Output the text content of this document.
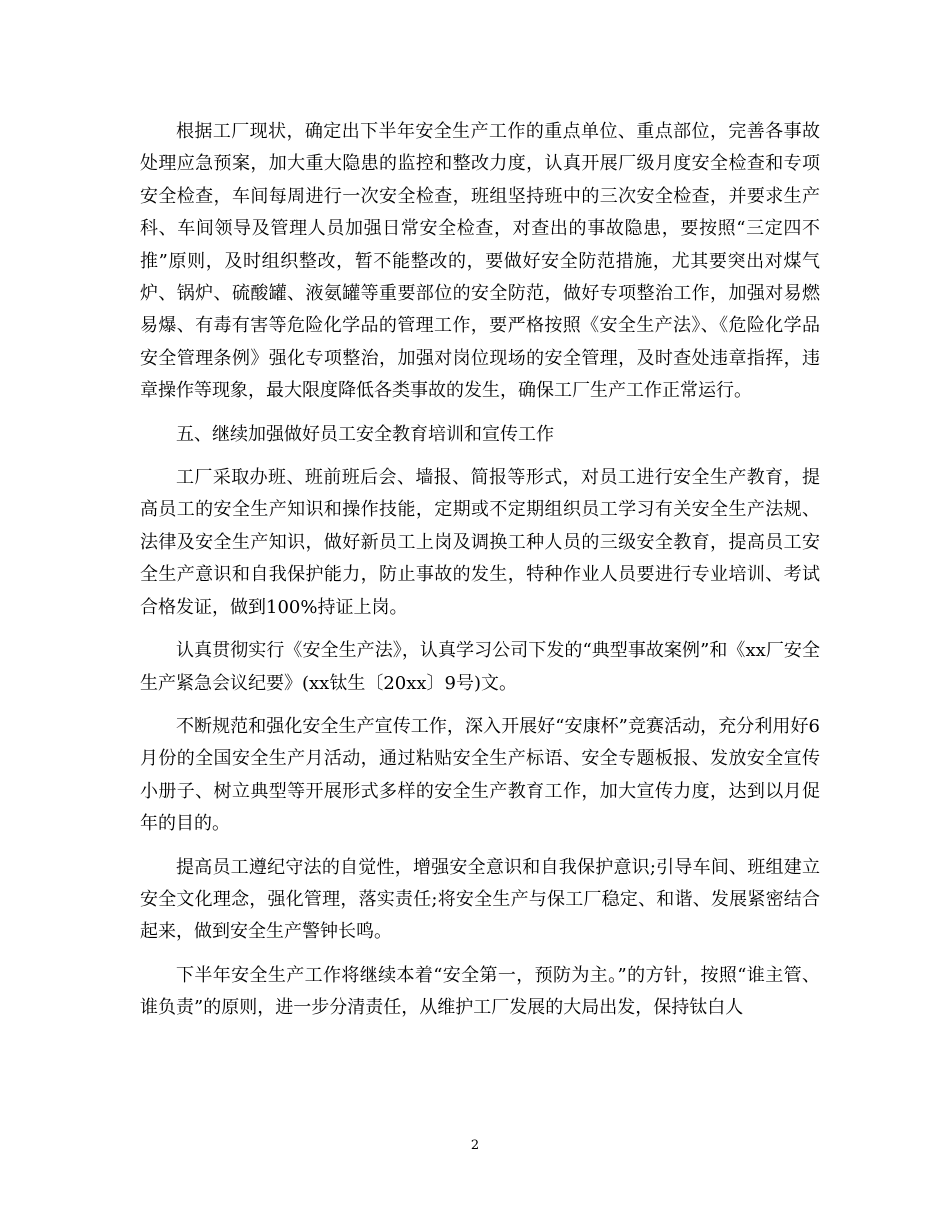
根据工厂现状，确定出下半年安全生产工作的重点单位、重点部位，完善各事故处理应急预案，加大重大隐患的监控和整改力度，认真开展厂级月度安全检查和专项安全检查，车间每周进行一次安全检查，班组坚持班中的三次安全检查，并要求生产科、车间领导及管理人员加强日常安全检查，对查出的事故隐患，要按照“三定四不推”原则，及时组织整改，暂不能整改的，要做好安全防范措施，尤其要突出对煤气炉、锅炉、硫酸罐、液氨罐等重要部位的安全防范，做好专项整治工作，加强对易燃易爆、有毒有害等危险化学品的管理工作，要严格按照《安全生产法》、《危险化学品安全管理条例》强化专项整治，加强对岗位现场的安全管理，及时查处违章指挥，违章操作等现象，最大限度降低各类事故的发生，确保工厂生产工作正常运行。

五、继续加强做好员工安全教育培训和宣传工作

工厂采取办班、班前班后会、墙报、简报等形式，对员工进行安全生产教育，提高员工的安全生产知识和操作技能，定期或不定期组织员工学习有关安全生产法规、法律及安全生产知识，做好新员工上岗及调换工种人员的三级安全教育，提高员工安全生产意识和自我保护能力，防止事故的发生，特种作业人员要进行专业培训、考试合格发证，做到100%持证上岗。

认真贯彻实行《安全生产法》，认真学习公司下发的“典型事故案例”和《xx厂安全生产紧急会议纪要》(xx钛生〔20xx〕9号)文。

不断规范和强化安全生产宣传工作，深入开展好“安康杯”竞赛活动，充分利用好6月份的全国安全生产月活动，通过粘贴安全生产标语、安全专题板报、发放安全宣传小册子、树立典型等开展形式多样的安全生产教育工作，加大宣传力度，达到以月促年的目的。

提高员工遵纪守法的自觉性，增强安全意识和自我保护意识;引导车间、班组建立安全文化理念，强化管理，落实责任;将安全生产与保工厂稳定、和谐、发展紧密结合起来，做到安全生产警钟长鸣。

下半年安全生产工作将继续本着“安全第一，预防为主。”的方针，按照“谁主管、谁负责”的原则，进一步分清责任，从维护工厂发展的大局出发，保持钛白人

2
